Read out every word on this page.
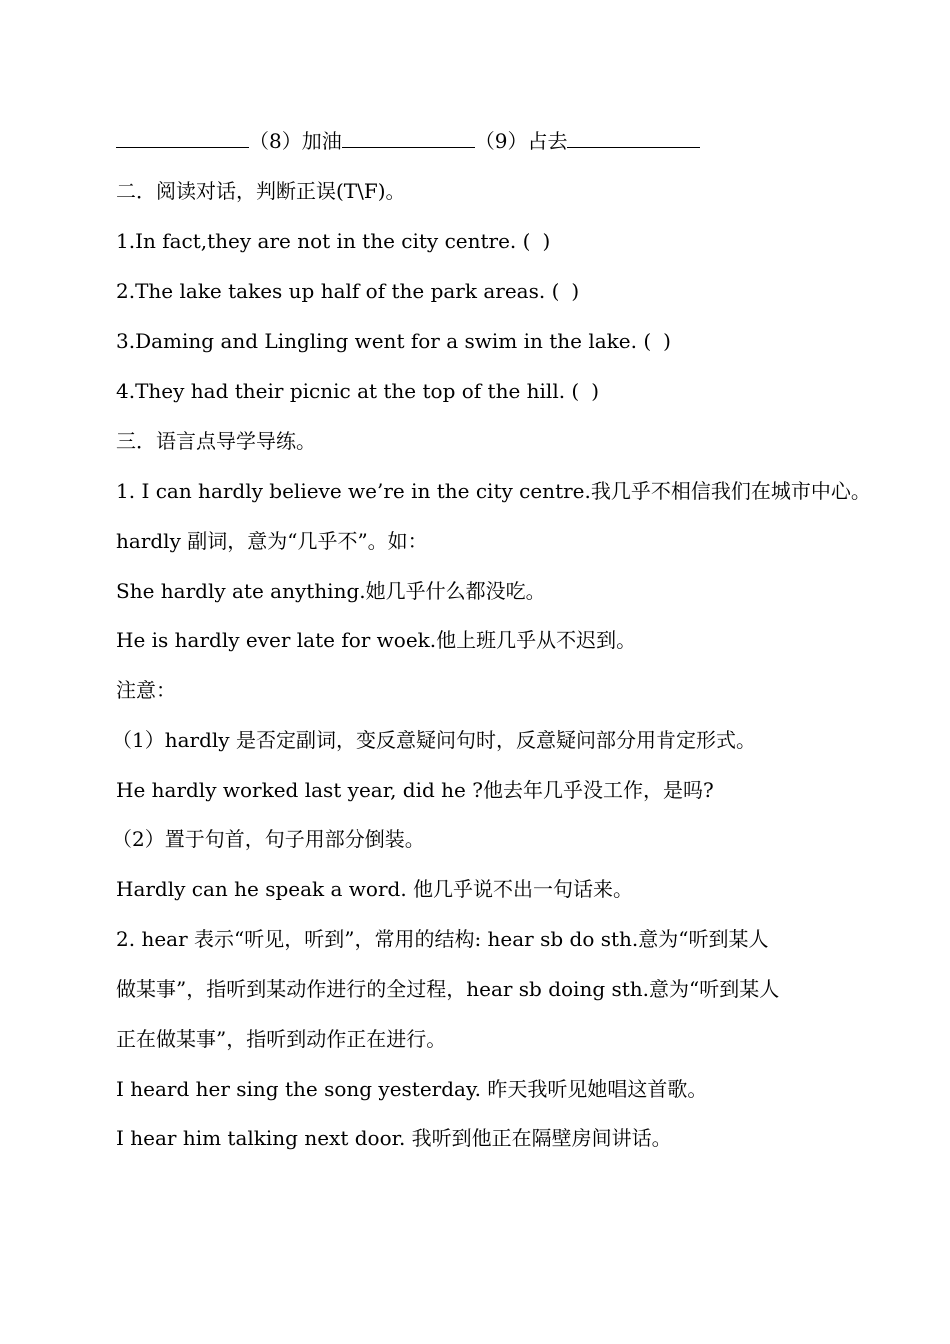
（8）加油	（9）占去
二．阅读对话，判断正误(T\F)。
1.In fact,they are not in the city centre. ( )
2.The lake takes up half of the park areas. ( )
3.Daming and Lingling went for a swim in the lake. ( )
4.They had their picnic at the top of the hill. ( )
三．语言点导学导练。
1. I can hardly believe we’re in the city centre.我几乎不相信我们在城市中心。
hardly 副词，意为“几乎不”。如：
She hardly ate anything.她几乎什么都没吃。
He is hardly ever late for woek.他上班几乎从不迟到。
注意：
（1）hardly 是否定副词，变反意疑问句时，反意疑问部分用肯定形式。
He hardly worked last year, did he ?他去年几乎没工作，是吗?
（2）置于句首，句子用部分倒装。
Hardly can he speak a word. 他几乎说不出一句话来。
2. hear 表示“听见，听到”，常用的结构: hear sb do sth.意为“听到某人
做某事”，指听到某动作进行的全过程，hear sb doing sth.意为“听到某人
正在做某事”，指听到动作正在进行。
I heard her sing the song yesterday. 昨天我听见她唱这首歌。
I hear him talking next door. 我听到他正在隔壁房间讲话。
